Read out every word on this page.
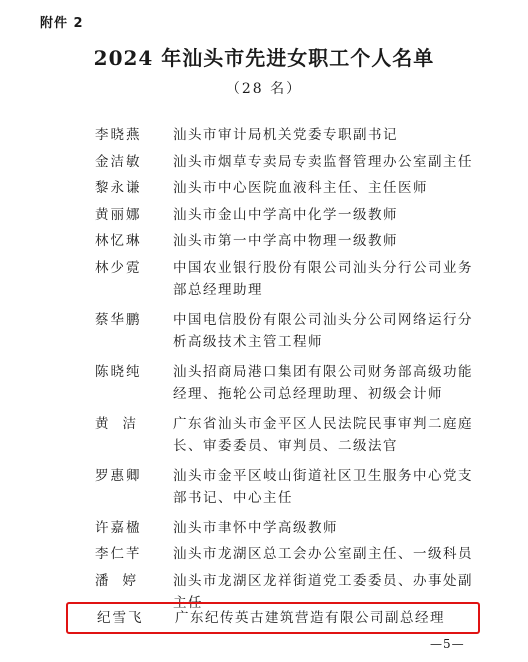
附件 2
2024 年汕头市先进女职工个人名单
（28 名）
李晓燕	汕头市审计局机关党委专职副书记
金洁敏	汕头市烟草专卖局专卖监督管理办公室副主任
黎永谦	汕头市中心医院血液科主任、主任医师
黄丽娜	汕头市金山中学高中化学一级教师
林忆琳	汕头市第一中学高中物理一级教师
林少霓	中国农业银行股份有限公司汕头分行公司业务部总经理助理
蔡华鹏	中国电信股份有限公司汕头分公司网络运行分析高级技术主管工程师
陈晓纯	汕头招商局港口集团有限公司财务部高级功能经理、拖轮公司总经理助理、初级会计师
黄洁	广东省汕头市金平区人民法院民事审判二庭庭长、审委委员、审判员、二级法官
罗惠卿	汕头市金平区岐山街道社区卫生服务中心党支部书记、中心主任
许嘉楹	汕头市聿怀中学高级教师
李仁芊	汕头市龙湖区总工会办公室副主任、一级科员
潘婷	汕头市龙湖区龙祥街道党工委委员、办事处副主任
纪雪飞	广东纪传英古建筑营造有限公司副总经理
—5—
